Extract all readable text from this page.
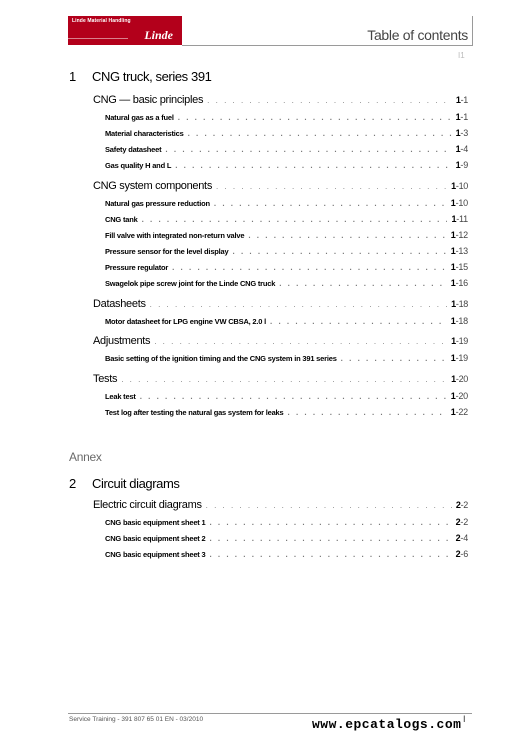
Linde Material Handling
Linde	Table of contents
I1
1 CNG truck, series 391
CNG — basic principles . . .	1-1
Natural gas as a fuel . . .	1-1
Material characteristics . . .	1-3
Safety datasheet . . .	1-4
Gas quality H and L . . .	1-9
CNG system components . . .	1-10
Natural gas pressure reduction . . .	1-10
CNG tank . . .	1-11
Fill valve with integrated non-return valve . . .	1-12
Pressure sensor for the level display . . .	1-13
Pressure regulator . . .	1-15
Swagelok pipe screw joint for the Linde CNG truck . . .	1-16
Datasheets . . .	1-18
Motor datasheet for LPG engine VW CBSA, 2.0 l . . .	1-18
Adjustments . . .	1-19
Basic setting of the ignition timing and the CNG system in 391 series . . .	1-19
Tests . . .	1-20
Leak test . . .	1-20
Test log after testing the natural gas system for leaks . . .	1-22
Annex
2 Circuit diagrams
Electric circuit diagrams . . .	2-2
CNG basic equipment sheet 1 . . .	2-2
CNG basic equipment sheet 2 . . .	2-4
CNG basic equipment sheet 3 . . .	2-6
Service Training - 391 807 65 01 EN - 03/2010	I
www.epcatalogs.com
